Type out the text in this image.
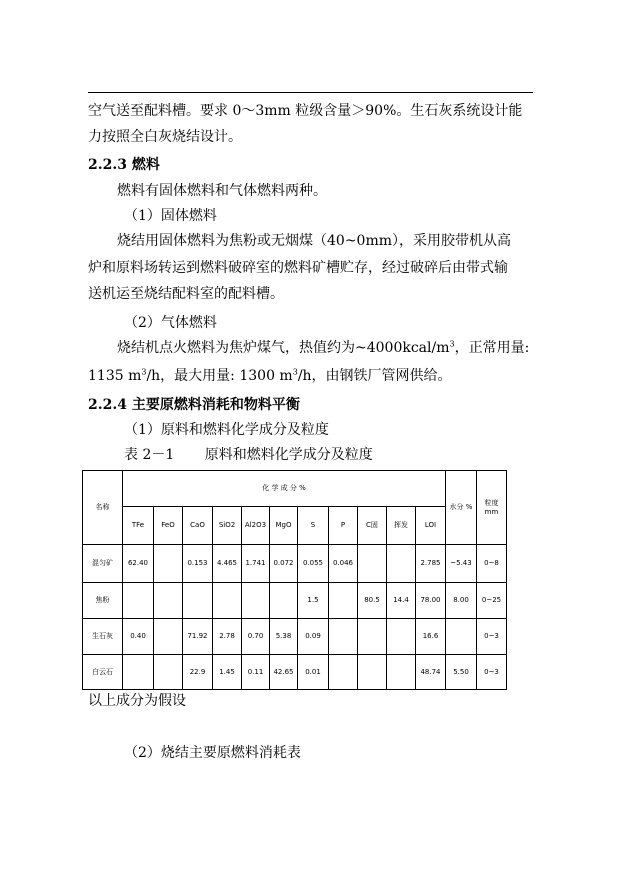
空气送至配料槽。要求 0～3mm 粒级含量＞90%。生石灰系统设计能
力按照全白灰烧结设计。
2.2.3 燃料
燃料有固体燃料和气体燃料两种。
（1）固体燃料
烧结用固体燃料为焦粉或无烟煤（40~0mm），采用胶带机从高
炉和原料场转运到燃料破碎室的燃料矿槽贮存，经过破碎后由带式输
送机运至烧结配料室的配料槽。
（2）气体燃料
烧结机点火燃料为焦炉煤气，热值约为$\sim 4000kcal/m^3$，正常用量:
1135 $m^3/h$，最大用量: 1300 $m^3/h$，由钢铁厂管网供给。
2.2.4 主要原燃料消耗和物料平衡
（1）原料和燃料化学成分及粒度
表 2－1 原料和燃料化学成分及粒度
名称	化 学 成 分 %											水分 %	粒度 mm
	TFe	FeO	CaO	SiO2	Al2O3	MgO	S	P	C固	挥发	LOI		
混匀矿	62.40		0.153	4.465	1.741	0.072	0.055	0.046			2.785	~5.43	0~8
焦粉							1.5		80.5	14.4	78.00	8.00	0~25
生石灰	0.40		71.92	2.78	0.70	5.38	0.09				16.6		0~3
白云石			22.9	1.45	0.11	42.65	0.01				48.74	5.50	0~3
以上成分为假设
（2）烧结主要原燃料消耗表
